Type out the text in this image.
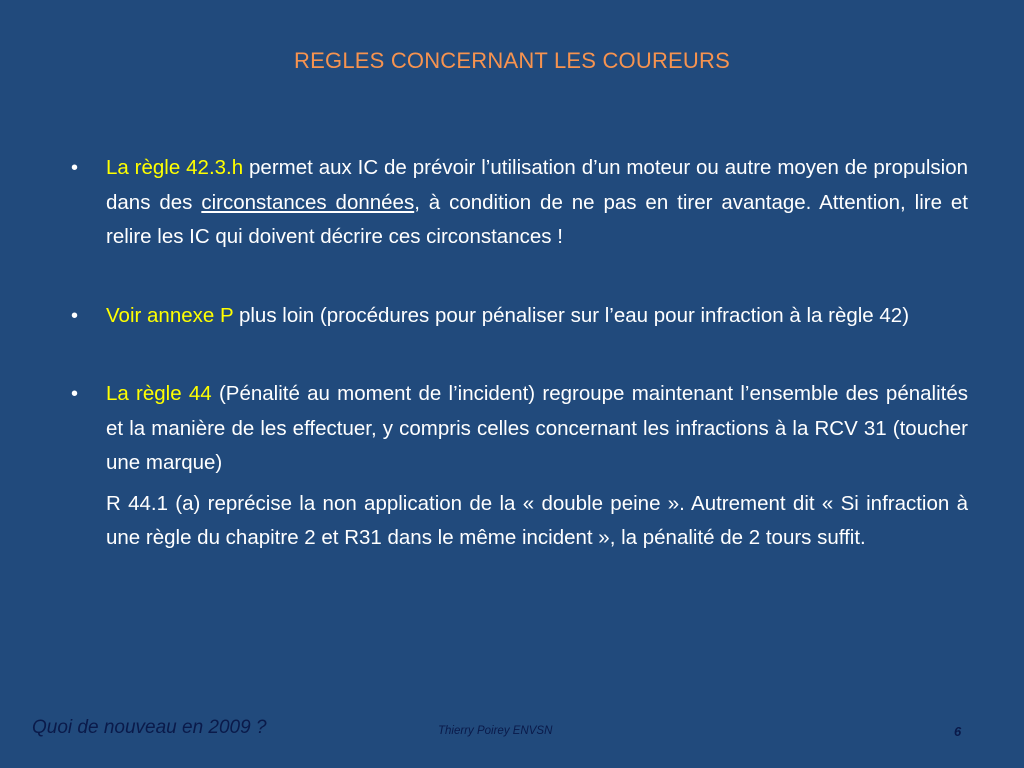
REGLES CONCERNANT LES COUREURS
• La règle 42.3.h permet aux IC de prévoir l’utilisation d’un moteur ou autre moyen de propulsion dans des circonstances données, à condition de ne pas en tirer avantage. Attention, lire et relire les IC qui doivent décrire ces circonstances !
• Voir annexe P plus loin (procédures pour pénaliser sur l’eau pour infraction à la règle 42)
• La règle 44 (Pénalité au moment de l’incident) regroupe maintenant l’ensemble des pénalités et la manière de les effectuer, y compris celles concernant les infractions à la RCV 31 (toucher une marque)
R 44.1 (a) reprécise la non application de la « double peine ». Autrement dit « Si infraction à une règle du chapitre 2 et R31 dans le même incident », la pénalité de 2 tours suffit.
Quoi de nouveau en 2009 ?	Thierry Poirey ENVSN	6
